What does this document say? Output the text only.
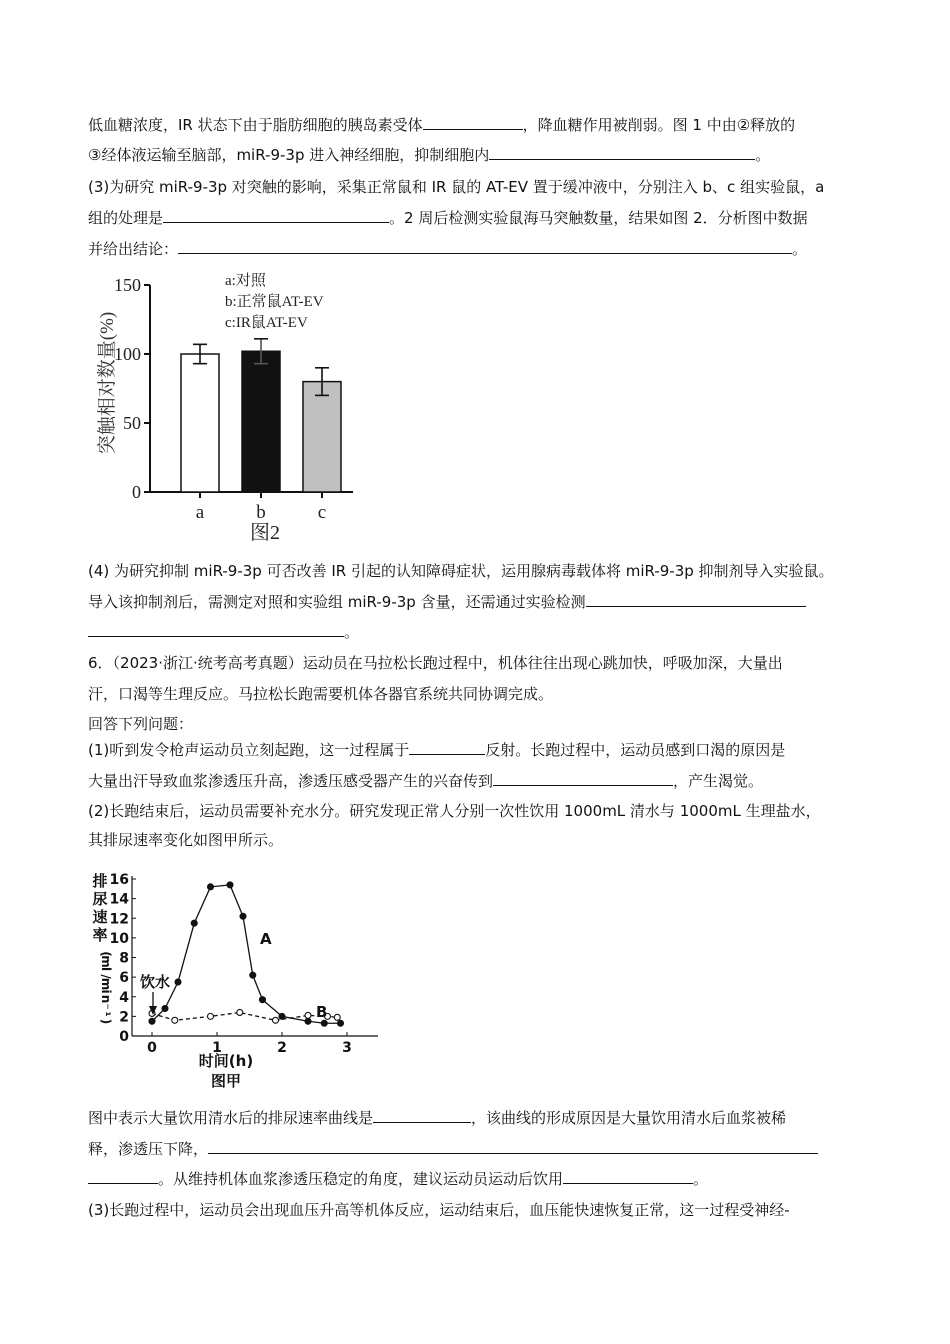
低血糖浓度，IR 状态下由于脂肪细胞的胰岛素受体	，降血糖作用被削弱。图 1 中由②释放的
③经体液运输至脑部，miR-9-3p 进入神经细胞，抑制细胞内	。
(3)为研究 miR-9-3p 对突触的影响，采集正常鼠和 IR 鼠的 AT-EV 置于缓冲液中，分别注入 b、c 组实验鼠，a
组的处理是	。2 周后检测实验鼠海马突触数量，结果如图 2．分析图中数据
并给出结论：	。
突触相对数量(%)
0
50
100
150
a	b	c
a:对照
b:正常鼠AT-EV
c:IR鼠AT-EV
图2
(4) 为研究抑制 miR-9-3p 可否改善 IR 引起的认知障碍症状，运用腺病毒载体将 miR-9-3p 抑制剂导入实验鼠。
导入该抑制剂后，需测定对照和实验组 miR-9-3p 含量，还需通过实验检测
。
6．（2023·浙江·统考高考真题）运动员在马拉松长跑过程中，机体往往出现心跳加快，呼吸加深，大量出
汗，口渴等生理反应。马拉松长跑需要机体各器官系统共同协调完成。
回答下列问题：
(1)听到发令枪声运动员立刻起跑，这一过程属于	反射。长跑过程中，运动员感到口渴的原因是
大量出汗导致血浆渗透压升高，渗透压感受器产生的兴奋传到	，产生渴觉。
(2)长跑结束后，运动员需要补充水分。研究发现正常人分别一次性饮用 1000mL 清水与 1000mL 生理盐水，
其排尿速率变化如图甲所示。
排
尿
速
率
(
m
l
/
m
i
n
⁻
¹
)
0
2
4
6
8
10
12
14
16
0	1	2	3
饮水
A
B
时间(h)
图甲
图中表示大量饮用清水后的排尿速率曲线是	，该曲线的形成原因是大量饮用清水后血浆被稀
释，渗透压下降，
。从维持机体血浆渗透压稳定的角度，建议运动员运动后饮用	。
(3)长跑过程中，运动员会出现血压升高等机体反应，运动结束后，血压能快速恢复正常，这一过程受神经-
